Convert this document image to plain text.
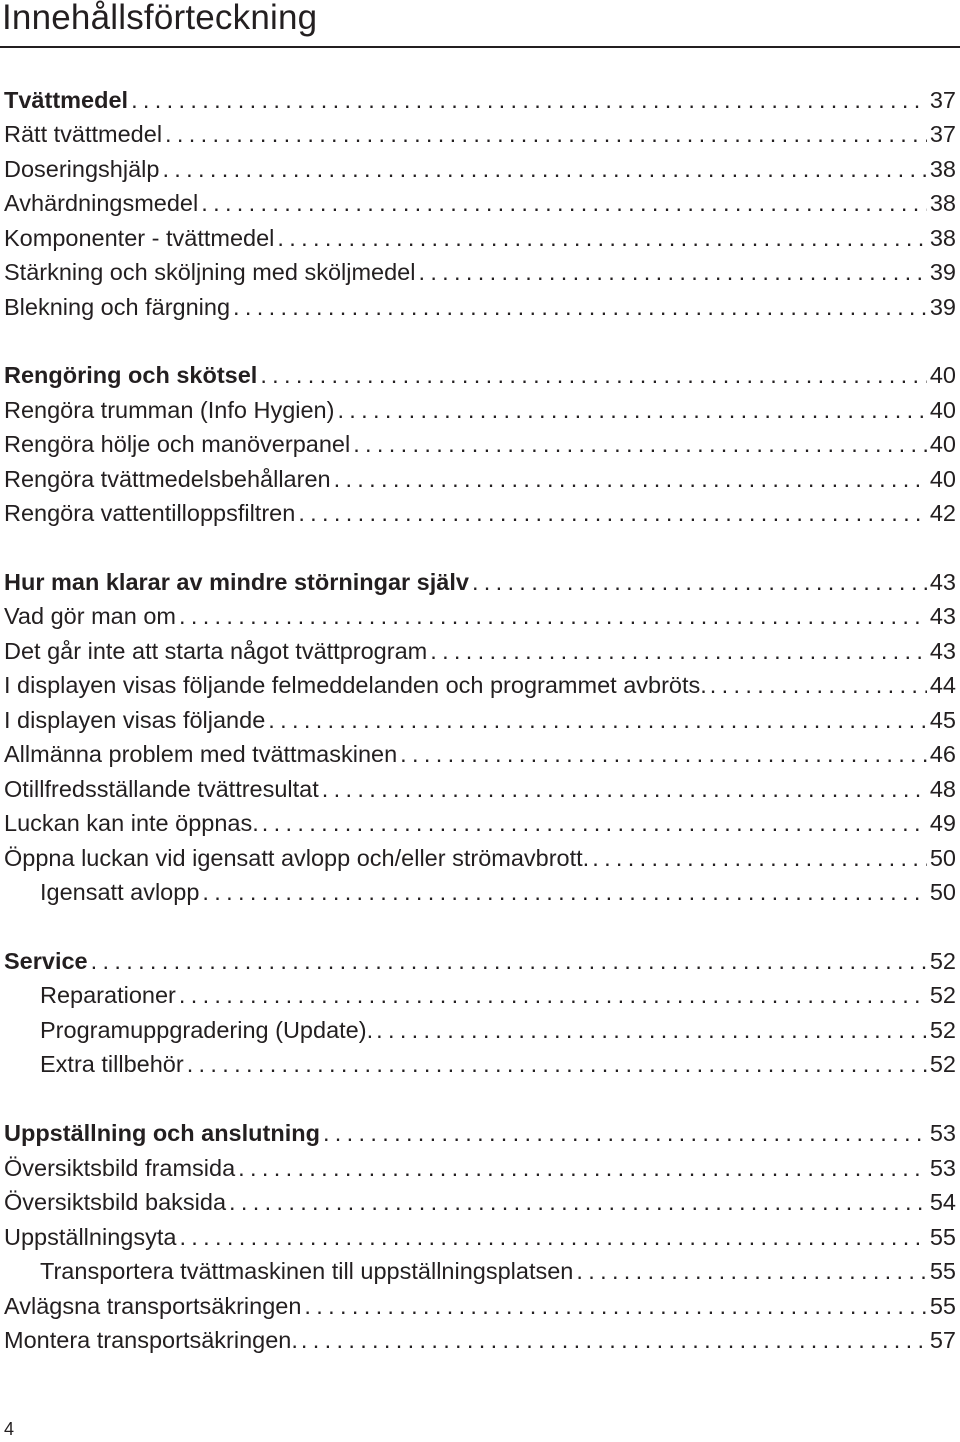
Innehållsförteckning
Tvättmedel . . .	37
Rätt tvättmedel . . .	37
Doseringshjälp . . .	38
Avhärdningsmedel . . .	38
Komponenter - tvättmedel . . .	38
Stärkning och sköljning med sköljmedel . . .	39
Blekning och färgning . . .	39
Rengöring och skötsel . . .	40
Rengöra trumman (Info Hygien) . . .	40
Rengöra hölje och manöverpanel . . .	40
Rengöra tvättmedelsbehållaren . . .	40
Rengöra vattentilloppsfiltren . . .	42
Hur man klarar av mindre störningar själv . . .	43
Vad gör man om . . .	43
Det går inte att starta något tvättprogram . . .	43
I displayen visas följande felmeddelanden och programmet avbröts. . . .	44
I displayen visas följande . . .	45
Allmänna problem med tvättmaskinen . . .	46
Otillfredsställande tvättresultat . . .	48
Luckan kan inte öppnas. . . .	49
Öppna luckan vid igensatt avlopp och/eller strömavbrott. . . .	50
Igensatt avlopp . . .	50
Service . . .	52
Reparationer . . .	52
Programuppgradering (Update). . . .	52
Extra tillbehör . . .	52
Uppställning och anslutning . . .	53
Översiktsbild framsida . . .	53
Översiktsbild baksida . . .	54
Uppställningsyta . . .	55
Transportera tvättmaskinen till uppställningsplatsen . . .	55
Avlägsna transportsäkringen . . .	55
Montera transportsäkringen. . . .	57
4
